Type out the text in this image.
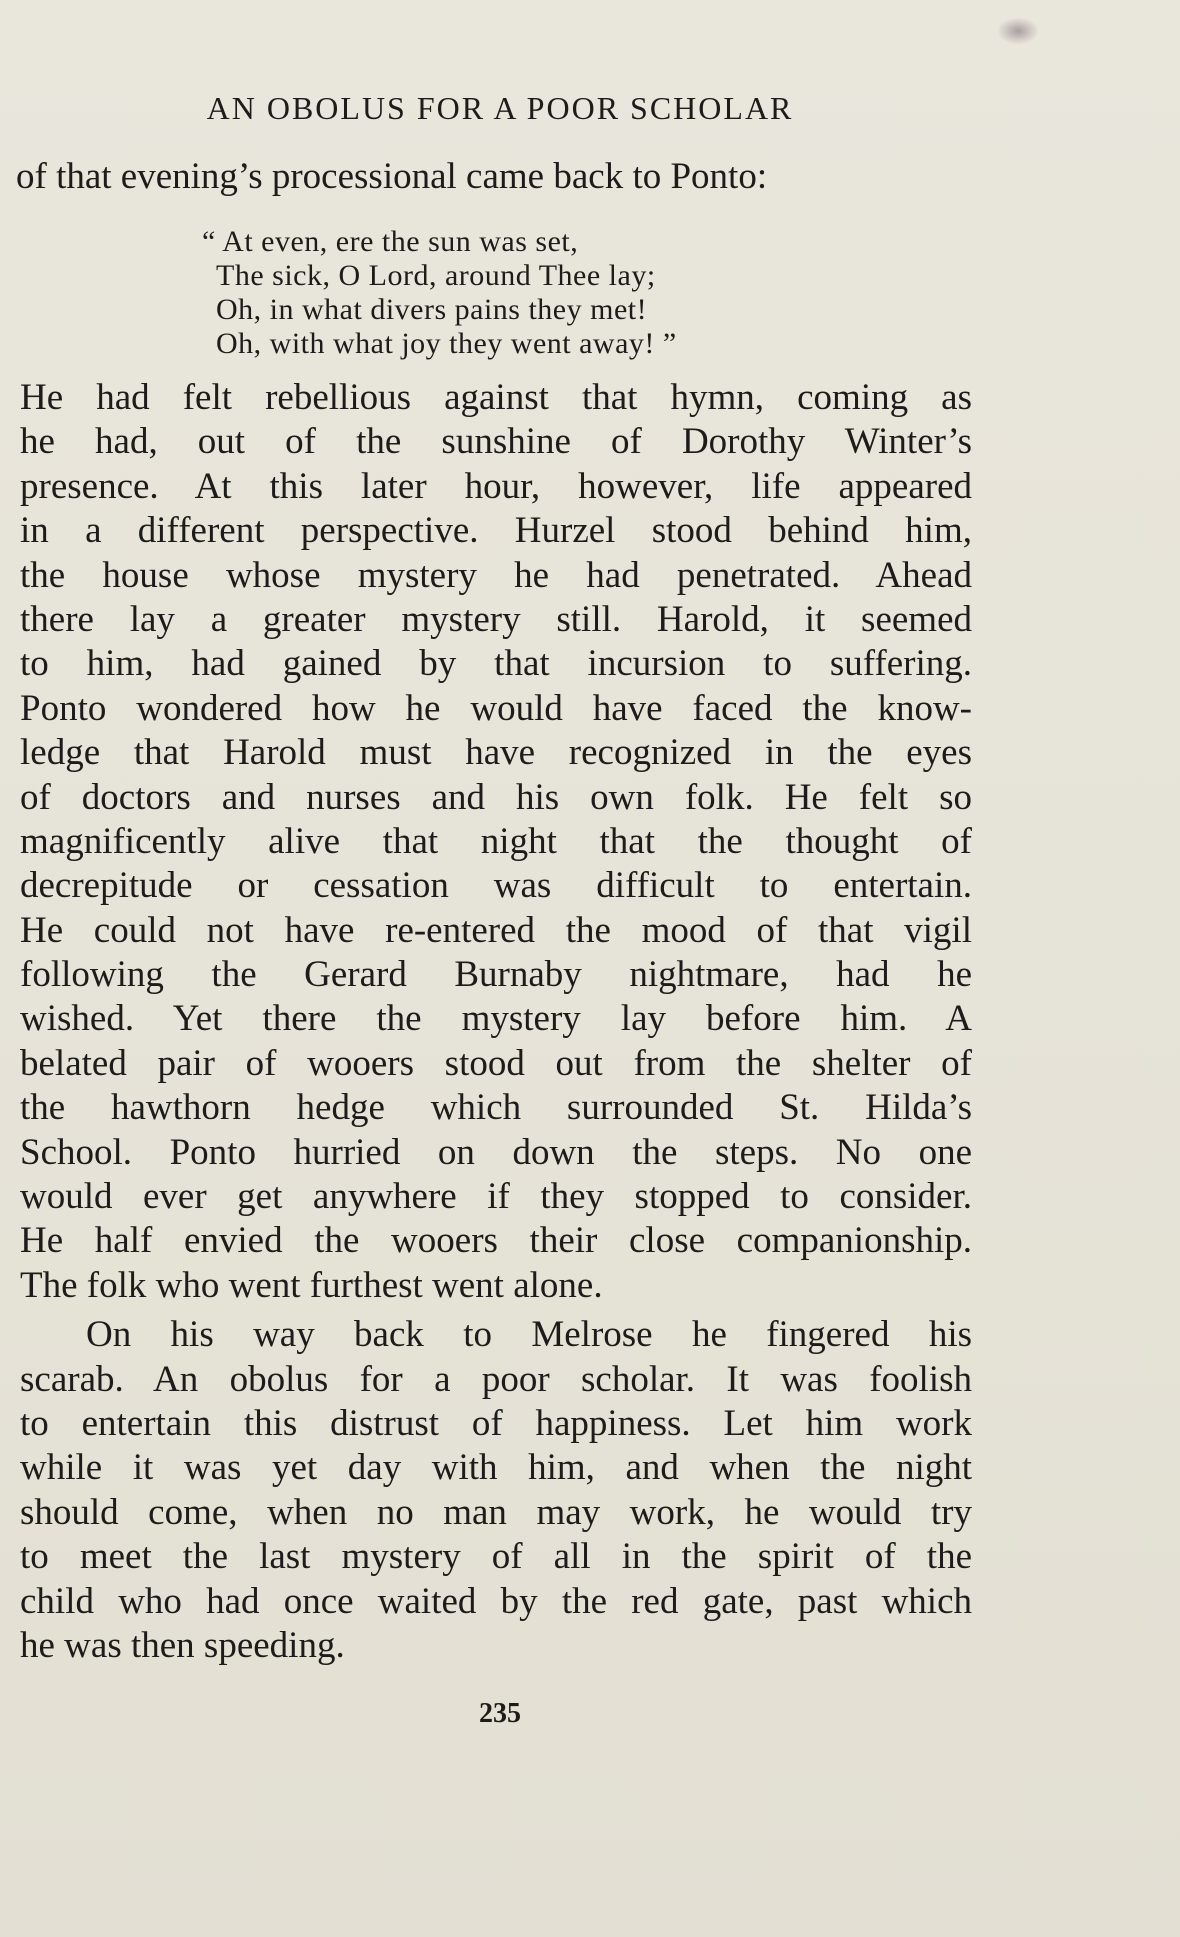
AN OBOLUS FOR A POOR SCHOLAR
of that evening’s processional came back to Ponto:
“ At even, ere the sun was set,
The sick, O Lord, around Thee lay;
Oh, in what divers pains they met!
Oh, with what joy they went away! ”
He had felt rebellious against that hymn, coming as
he had, out of the sunshine of Dorothy Winter’s
presence. At this later hour, however, life appeared
in a different perspective. Hurzel stood behind him,
the house whose mystery he had penetrated. Ahead
there lay a greater mystery still. Harold, it seemed
to him, had gained by that incursion to suffering.
Ponto wondered how he would have faced the know-
ledge that Harold must have recognized in the eyes
of doctors and nurses and his own folk. He felt so
magnificently alive that night that the thought of
decrepitude or cessation was difficult to entertain.
He could not have re-entered the mood of that vigil
following the Gerard Burnaby nightmare, had he
wished. Yet there the mystery lay before him. A
belated pair of wooers stood out from the shelter of
the hawthorn hedge which surrounded St. Hilda’s
School. Ponto hurried on down the steps. No one
would ever get anywhere if they stopped to consider.
He half envied the wooers their close companionship.
The folk who went furthest went alone.
On his way back to Melrose he fingered his
scarab. An obolus for a poor scholar. It was foolish
to entertain this distrust of happiness. Let him work
while it was yet day with him, and when the night
should come, when no man may work, he would try
to meet the last mystery of all in the spirit of the
child who had once waited by the red gate, past which
he was then speeding.
235
